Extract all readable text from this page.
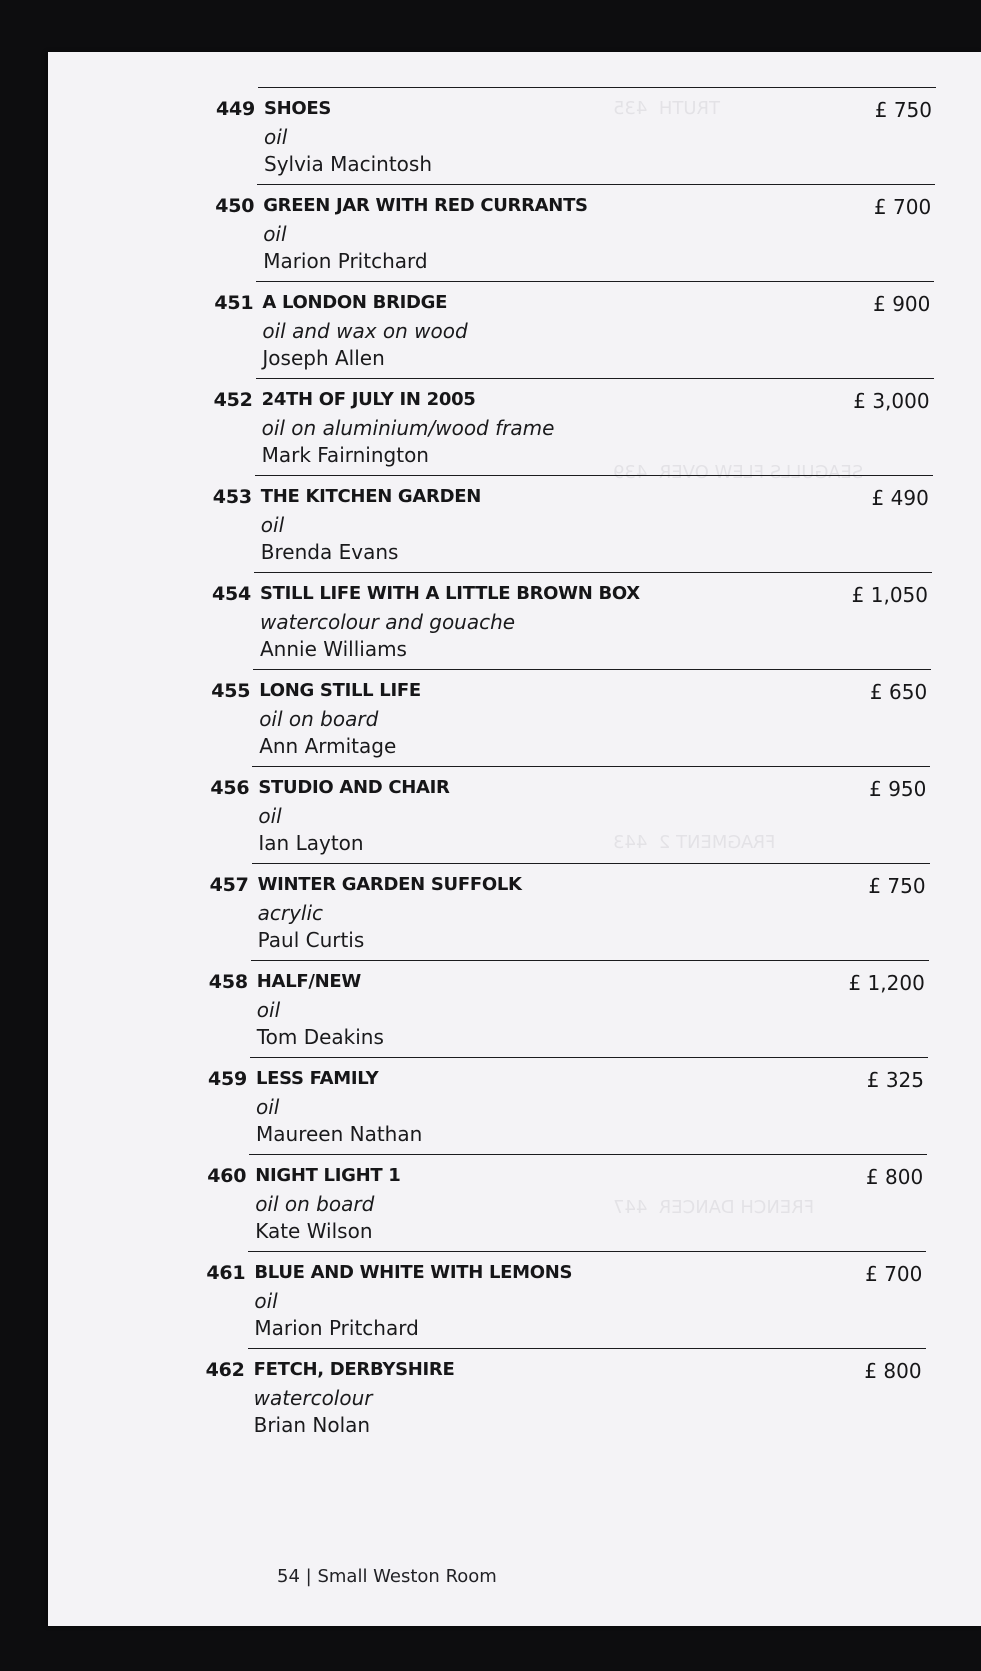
TRUTH  435
SEAGULLS FLEW OVER  439
FRAGMENT 2  443
FRENCH DANCER  447
449 SHOES
oil
Sylvia Macintosh
£ 750
450 GREEN JAR WITH RED CURRANTS
oil
Marion Pritchard
£ 700
451 A LONDON BRIDGE
oil and wax on wood
Joseph Allen
£ 900
452 24TH OF JULY IN 2005
oil on aluminium/wood frame
Mark Fairnington
£ 3,000
453 THE KITCHEN GARDEN
oil
Brenda Evans
£ 490
454 STILL LIFE WITH A LITTLE BROWN BOX
watercolour and gouache
Annie Williams
£ 1,050
455 LONG STILL LIFE
oil on board
Ann Armitage
£ 650
456 STUDIO AND CHAIR
oil
Ian Layton
£ 950
457 WINTER GARDEN SUFFOLK
acrylic
Paul Curtis
£ 750
458 HALF/NEW
oil
Tom Deakins
£ 1,200
459 LESS FAMILY
oil
Maureen Nathan
£ 325
460 NIGHT LIGHT 1
oil on board
Kate Wilson
£ 800
461 BLUE AND WHITE WITH LEMONS
oil
Marion Pritchard
£ 700
462 FETCH, DERBYSHIRE
watercolour
Brian Nolan
£ 800
54 | Small Weston Room
